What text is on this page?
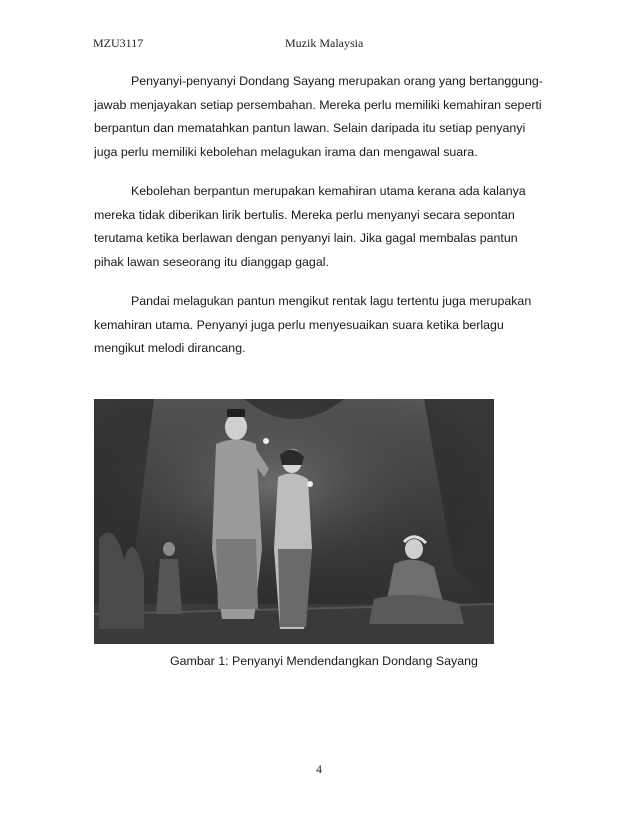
MZU3117	Muzik Malaysia
Penyanyi-penyanyi Dondang Sayang merupakan orang yang bertanggung-
jawab menjayakan setiap persembahan. Mereka perlu memiliki kemahiran seperti
berpantun dan mematahkan pantun lawan. Selain daripada itu setiap penyanyi
juga perlu memiliki kebolehan melagukan irama dan mengawal suara.
Kebolehan berpantun merupakan kemahiran utama kerana ada kalanya
mereka tidak diberikan lirik bertulis. Mereka perlu menyanyi secara sepontan
terutama ketika berlawan dengan penyanyi lain. Jika gagal membalas pantun
pihak lawan seseorang itu dianggap gagal.
Pandai melagukan pantun mengikut rentak lagu tertentu juga merupakan
kemahiran utama. Penyanyi juga perlu menyesuaikan suara ketika berlagu
mengikut melodi dirancang.
Gambar 1: Penyanyi Mendendangkan Dondang Sayang
4
